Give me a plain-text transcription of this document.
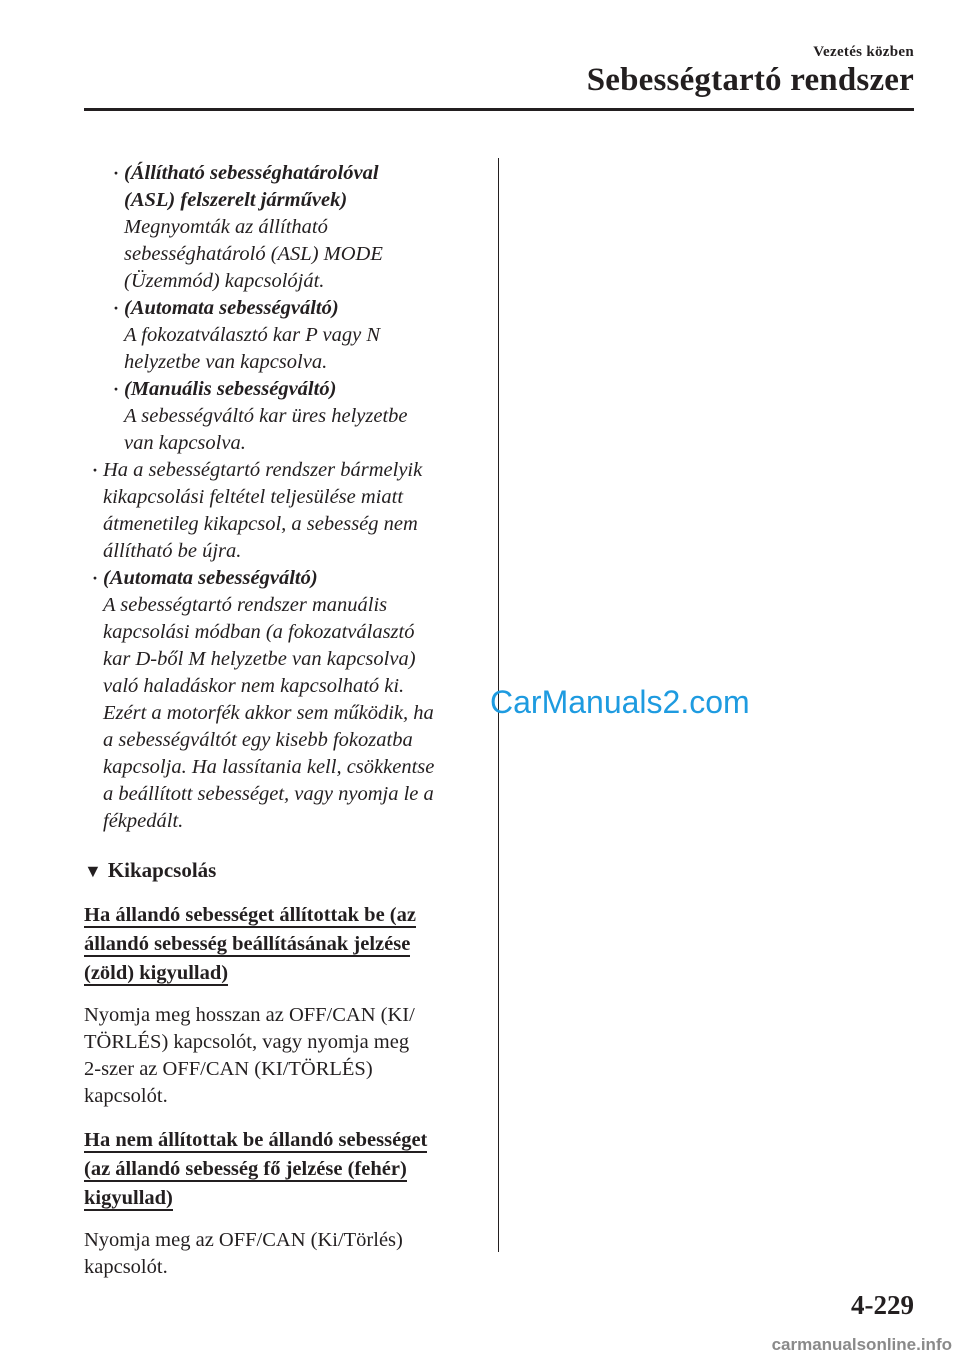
Vezetés közben
Sebességtartó rendszer
· (Állítható sebességhatárolóval
(ASL) felszerelt járművek)
Megnyomták az állítható
sebességhatároló (ASL) MODE
(Üzemmód) kapcsolóját.
· (Automata sebességváltó)
A fokozatválasztó kar P vagy N
helyzetbe van kapcsolva.
· (Manuális sebességváltó)
A sebességváltó kar üres helyzetbe
van kapcsolva.
· Ha a sebességtartó rendszer bármelyik
kikapcsolási feltétel teljesülése miatt
átmenetileg kikapcsol, a sebesség nem
állítható be újra.
· (Automata sebességváltó)
A sebességtartó rendszer manuális
kapcsolási módban (a fokozatválasztó
kar D-ből M helyzetbe van kapcsolva)
való haladáskor nem kapcsolható ki.
Ezért a motorfék akkor sem működik, ha
a sebességváltót egy kisebb fokozatba
kapcsolja. Ha lassítania kell, csökkentse
a beállított sebességet, vagy nyomja le a
fékpedált.
▼ Kikapcsolás
Ha állandó sebességet állítottak be (az
állandó sebesség beállításának jelzése
(zöld) kigyullad)
Nyomja meg hosszan az OFF/CAN (KI/
TÖRLÉS) kapcsolót, vagy nyomja meg
2-szer az OFF/CAN (KI/TÖRLÉS)
kapcsolót.
Ha nem állítottak be állandó sebességet
(az állandó sebesség fő jelzése (fehér)
kigyullad)
Nyomja meg az OFF/CAN (Ki/Törlés)
kapcsolót.
CarManuals2.com
4-229
carmanualsonline.info
